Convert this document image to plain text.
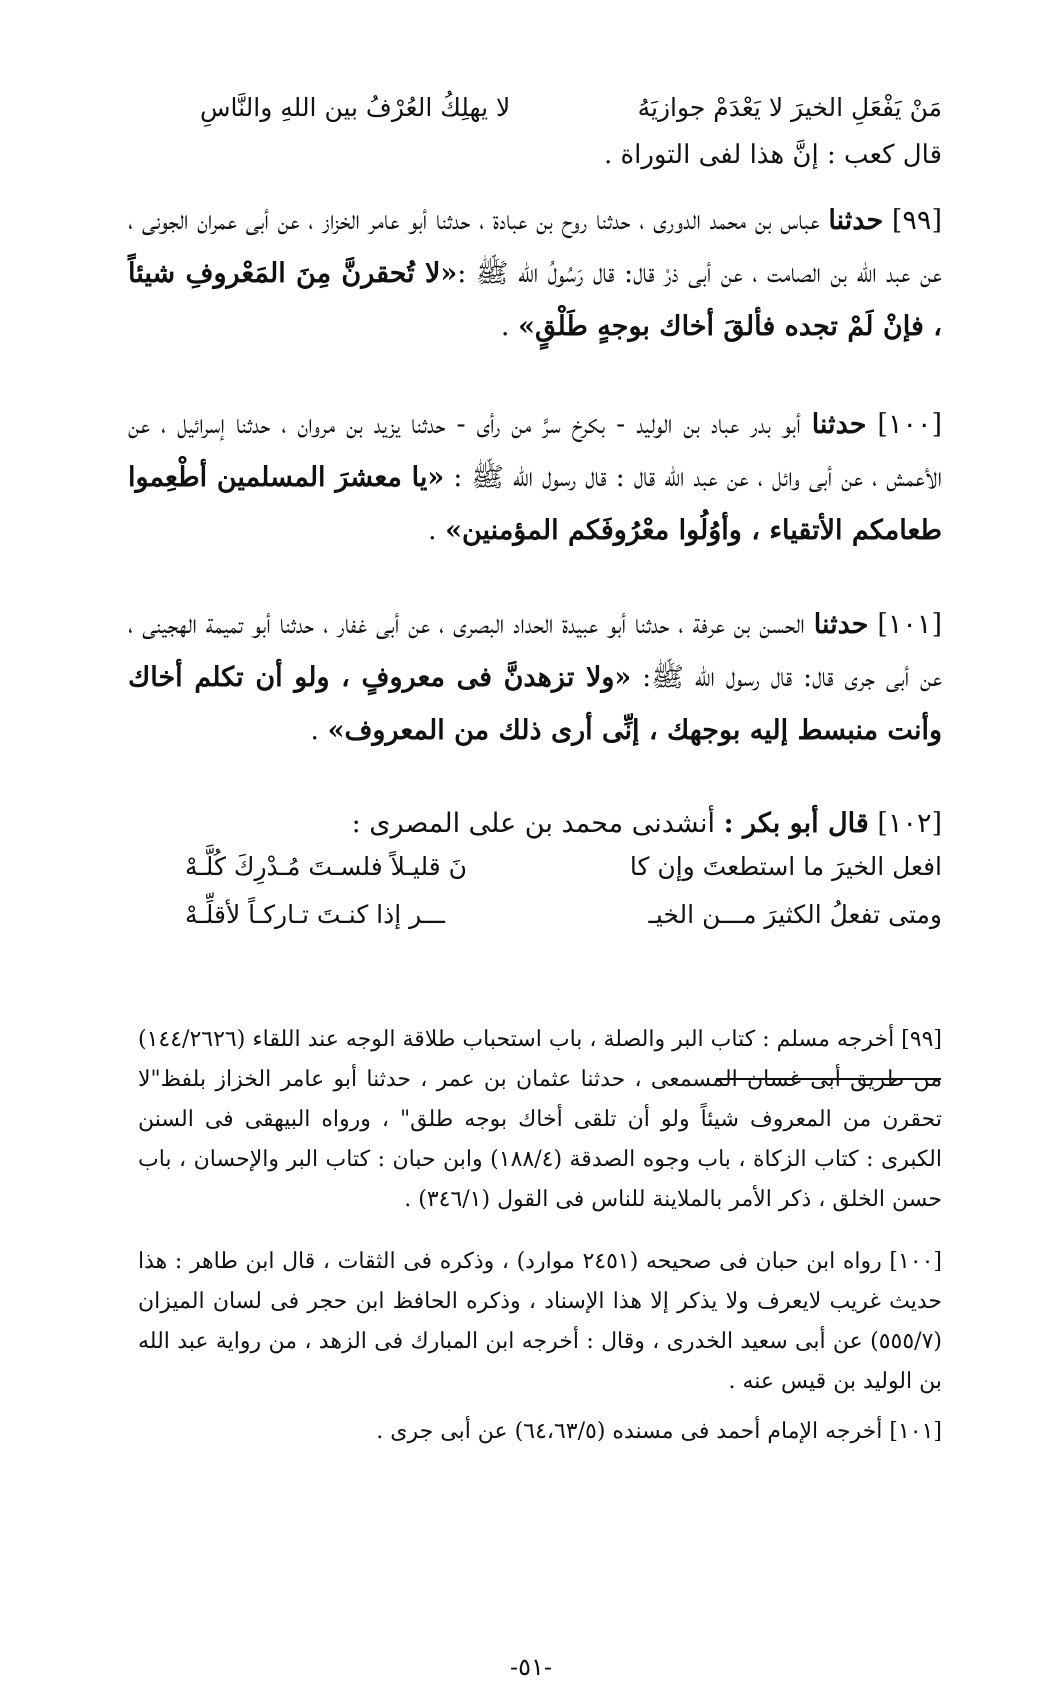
مَنْ يَفْعَلِ الخيرَ لا يَعْدَمْ جوازيَهُ
لا يهلِكُ العُرْفُ بين اللهِ والنَّاسِ
قال كعب : إنَّ هذا لفى التوراة .
[٩٩] حدثنا عباس بن محمد الدورى ، حدثنا روح بن عبادة ، حدثنا أبو عامر الخزاز ، عن أبى عمران الجونى ، عن عبد الله بن الصامت ، عن أبى ذرْ قال: قال رَسُولُ الله ﷺ :«لا تُحقرنَّ مِنَ المَعْروفِ شيئاً ، فإنْ لَمْ تجده فألقَ أخاك بوجهٍ طَلْقٍ» .
[١٠٠] حدثنا أبو بدر عباد بن الوليد - بكرخ سرَّ من رأى - حدثنا يزيد بن مروان ، حدثنا إسرائيل ، عن الأعمش ، عن أبى وائل ، عن عبد الله قال : قال رسول الله ﷺ : «يا معشرَ المسلمين أطْعِموا طعامكم الأتقياء ، وأوُلُوا معْرُوفَكم المؤمنين» .
[١٠١] حدثنا الحسن بن عرفة ، حدثنا أبو عبيدة الحداد البصرى ، عن أبى غفار ، حدثنا أبو تميمة الهجينى ، عن أبى جرى قال: قال رسول الله ﷺ: «ولا تزهدنَّ فى معروفٍ ، ولو أن تكلم أخاك وأنت منبسط إليه بوجهك ، إنِّى أرى ذلك من المعروف» .
[١٠٢] قال أبو بكر : أنشدنى محمد بن على المصرى :
افعل الخيرَ ما استطعتَ وإن كا
نَ قليـلاً فلسـتَ مُـدْرِكَ كُلَّـهْ
ومتى تفعلُ الكثيرَ مـــن الخيـ
ـــر إذا كنـتَ تـاركـاً لأقلِّـهْ
[٩٩] أخرجه مسلم : كتاب البر والصلة ، باب استحباب طلاقة الوجه عند اللقاء (١٤٤/٢٦٢٦) من طريق أبى غسان المسمعى ، حدثنا عثمان بن عمر ، حدثنا أبو عامر الخزاز بلفظ"لا تحقرن من المعروف شيئاً ولو أن تلقى أخاك بوجه طلق" ، ورواه البيهقى فى السنن الكبرى : كتاب الزكاة ، باب وجوه الصدقة (١٨٨/٤) وابن حبان : كتاب البر والإحسان ، باب حسن الخلق ، ذكر الأمر بالملاينة للناس فى القول (٣٤٦/١) .
[١٠٠] رواه ابن حبان فى صحيحه (٢٤٥١ موارد) ، وذكره فى الثقات ، قال ابن طاهر : هذا حديث غريب لايعرف ولا يذكر إلا هذا الإسناد ، وذكره الحافظ ابن حجر فى لسان الميزان (٥٥٥/٧) عن أبى سعيد الخدرى ، وقال : أخرجه ابن المبارك فى الزهد ، من رواية عبد الله بن الوليد بن قيس عنه .
[١٠١] أخرجه الإمام أحمد فى مسنده (٦٤،٦٣/٥) عن أبى جرى .
-٥١-
